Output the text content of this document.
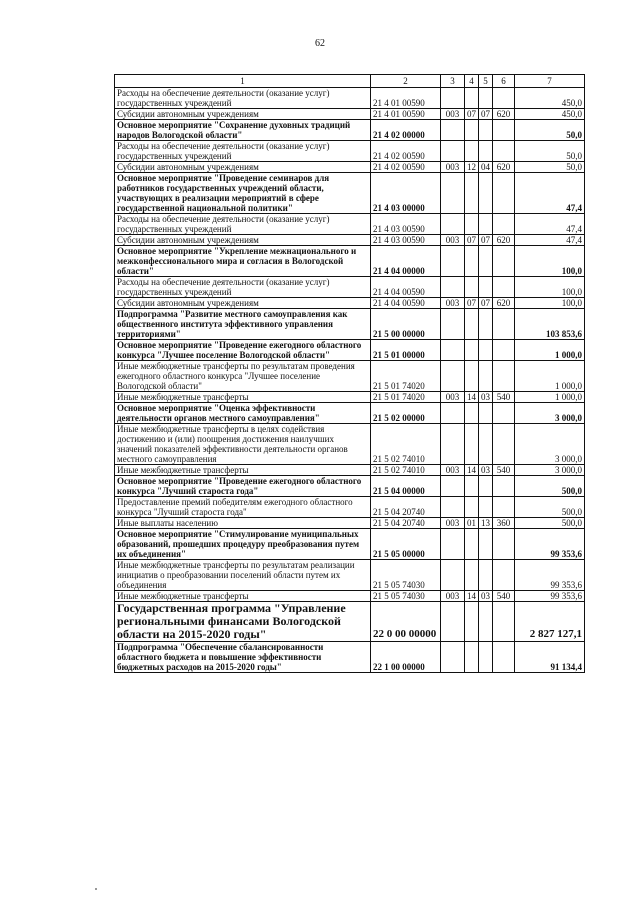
62
1	2	3	4	5	6	7
Расходы на обеспечение деятельности (оказание услуг) государственных учреждений	21 4 01 00590					450,0
Субсидии автономным учреждениям	21 4 01 00590	003	07	07	620	450,0
Основное мероприятие "Сохранение духовных традиций народов Вологодской области"	21 4 02 00000					50,0
Расходы на обеспечение деятельности (оказание услуг) государственных учреждений	21 4 02 00590					50,0
Субсидии автономным учреждениям	21 4 02 00590	003	12	04	620	50,0
Основное мероприятие "Проведение семинаров для работников государственных учреждений области, участвующих в реализации мероприятий в сфере государственной национальной политики"	21 4 03 00000					47,4
Расходы на обеспечение деятельности (оказание услуг) государственных учреждений	21 4 03 00590					47,4
Субсидии автономным учреждениям	21 4 03 00590	003	07	07	620	47,4
Основное мероприятие "Укрепление межнационального и межконфессионального мира и согласия в Вологодской области"	21 4 04 00000					100,0
Расходы на обеспечение деятельности (оказание услуг) государственных учреждений	21 4 04 00590					100,0
Субсидии автономным учреждениям	21 4 04 00590	003	07	07	620	100,0
Подпрограмма "Развитие местного самоуправления как общественного института эффективного управления территориями"	21 5 00 00000					103 853,6
Основное мероприятие "Проведение ежегодного областного конкурса "Лучшее поселение Вологодской области"	21 5 01 00000					1 000,0
Иные межбюджетные трансферты по результатам проведения ежегодного областного конкурса "Лучшее поселение Вологодской области"	21 5 01 74020					1 000,0
Иные межбюджетные трансферты	21 5 01 74020	003	14	03	540	1 000,0
Основное мероприятие "Оценка эффективности деятельности органов местного самоуправления"	21 5 02 00000					3 000,0
Иные межбюджетные трансферты в целях содействия достижению и (или) поощрения достижения наилучших значений показателей эффективности деятельности органов местного самоуправления	21 5 02 74010					3 000,0
Иные межбюджетные трансферты	21 5 02 74010	003	14	03	540	3 000,0
Основное мероприятие "Проведение ежегодного областного конкурса "Лучший староста года"	21 5 04 00000					500,0
Предоставление премий победителям ежегодного областного конкурса "Лучший староста года"	21 5 04 20740					500,0
Иные выплаты населению	21 5 04 20740	003	01	13	360	500,0
Основное мероприятие "Стимулирование муниципальных образований, прошедших процедуру преобразования путем их объединения"	21 5 05 00000					99 353,6
Иные межбюджетные трансферты по результатам реализации инициатив о преобразовании поселений области путем их объединения	21 5 05 74030					99 353,6
Иные межбюджетные трансферты	21 5 05 74030	003	14	03	540	99 353,6
Государственная программа "Управление региональными финансами Вологодской области на 2015-2020 годы"	22 0 00 00000					2 827 127,1
Подпрограмма "Обеспечение сбалансированности областного бюджета и повышение эффективности бюджетных расходов на 2015-2020 годы"	22 1 00 00000					91 134,4
